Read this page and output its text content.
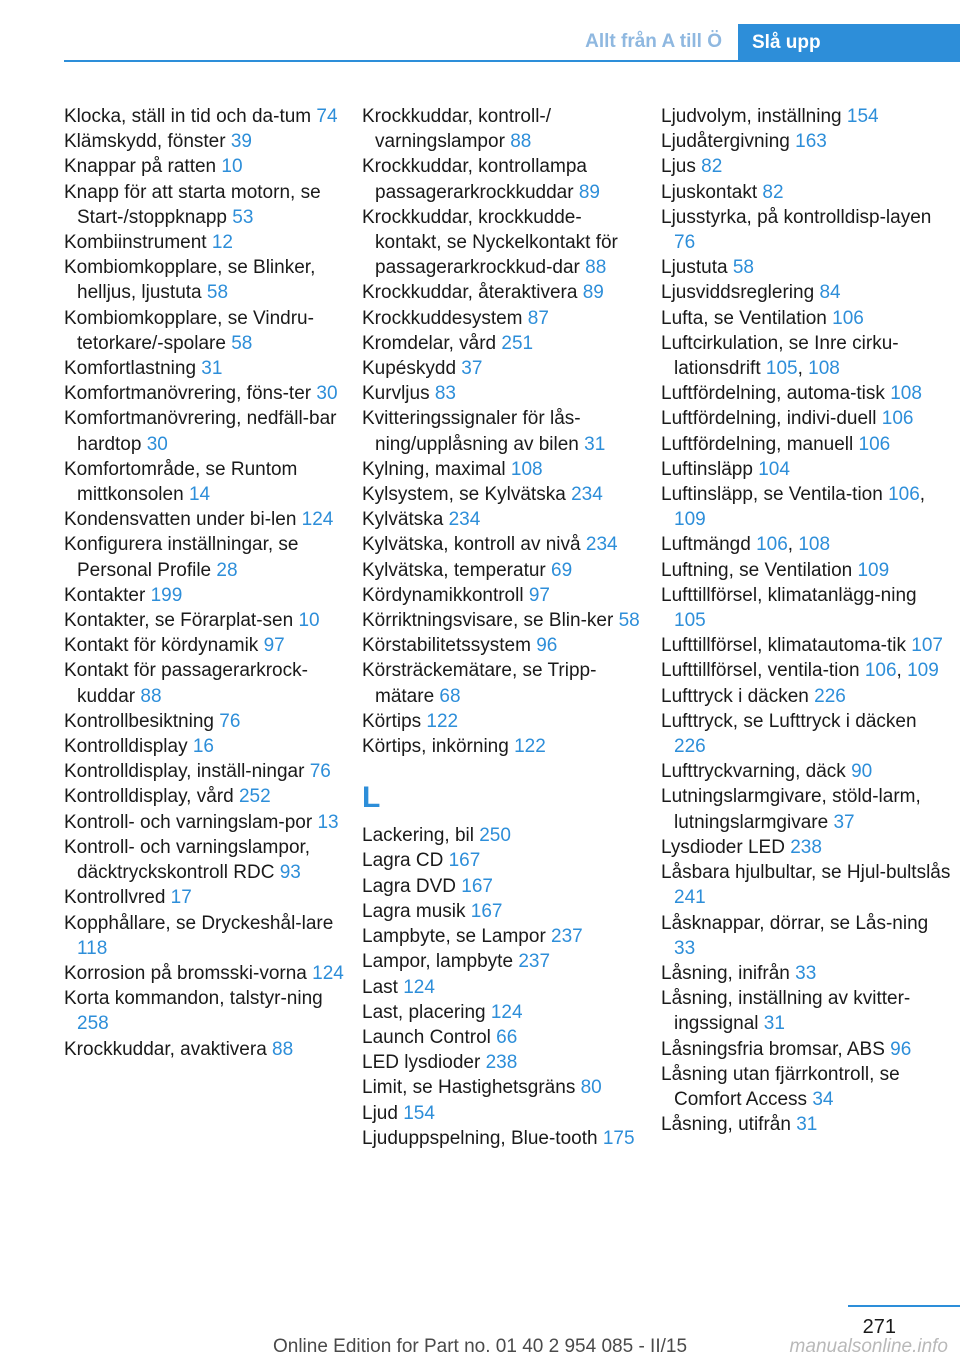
Allt från A till Ö	Slå upp

Klocka, ställ in tid och da-tum 74

Klämskydd, fönster 39

Knappar på ratten 10

Knapp för att starta motorn, se Start-/stoppknapp 53

Kombiinstrument 12

Kombiomkopplare, se Blinker, helljus, ljustuta 58

Kombiomkopplare, se Vindru-tetorkare/-spolare 58

Komfortlastning 31

Komfortmanövrering, föns-ter 30

Komfortmanövrering, nedfäll-bar hardtop 30

Komfortområde, se Runtom mittkonsolen 14

Kondensvatten under bi-len 124

Konfigurera inställningar, se Personal Profile 28

Kontakter 199

Kontakter, se Förarplat-sen 10

Kontakt för kördynamik 97

Kontakt för passagerarkrock-kuddar 88

Kontrollbesiktning 76

Kontrolldisplay 16

Kontrolldisplay, inställ-ningar 76

Kontrolldisplay, vård 252

Kontroll- och varningslam-por 13

Kontroll- och varningslampor, däcktryckskontroll RDC 93

Kontrollvred 17

Kopphållare, se Dryckeshål-lare 118

Korrosion på bromsski-vorna 124

Korta kommandon, talstyr-ning 258

Krockkuddar, avaktivera 88

Krockkuddar, kontroll-/ varningslampor 88

Krockkuddar, kontrollampa passagerarkrockkuddar 89

Krockkuddar, krockkudde-kontakt, se Nyckelkontakt för passagerarkrockkud-dar 88

Krockkuddar, återaktivera 89

Krockkuddesystem 87

Kromdelar, vård 251

Kupéskydd 37

Kurvljus 83

Kvitteringssignaler för lås-ning/upplåsning av bilen 31

Kylning, maximal 108

Kylsystem, se Kylvätska 234

Kylvätska 234

Kylvätska, kontroll av nivå 234

Kylvätska, temperatur 69

Kördynamikkontroll 97

Körriktningsvisare, se Blin-ker 58

Körstabilitetssystem 96

Körsträckemätare, se Tripp-mätare 68

Körtips 122

Körtips, inkörning 122

L

Lackering, bil 250

Lagra CD 167

Lagra DVD 167

Lagra musik 167

Lampbyte, se Lampor 237

Lampor, lampbyte 237

Last 124

Last, placering 124

Launch Control 66

LED lysdioder 238

Limit, se Hastighetsgräns 80

Ljud 154

Ljuduppspelning, Blue-tooth 175

Ljudvolym, inställning 154

Ljudåtergivning 163

Ljus 82

Ljuskontakt 82

Ljusstyrka, på kontrolldisp-layen 76

Ljustuta 58

Ljusviddsreglering 84

Lufta, se Ventilation 106

Luftcirkulation, se Inre cirku-lationsdrift 105, 108

Luftfördelning, automa-tisk 108

Luftfördelning, indivi-duell 106

Luftfördelning, manuell 106

Luftinsläpp 104

Luftinsläpp, se Ventila-tion 106, 109

Luftmängd 106, 108

Luftning, se Ventilation 109

Lufttillförsel, klimatanlägg-ning 105

Lufttillförsel, klimatautoma-tik 107

Lufttillförsel, ventila-tion 106, 109

Lufttryck i däcken 226

Lufttryck, se Lufttryck i däcken 226

Lufttryckvarning, däck 90

Lutningslarmgivare, stöld-larm, lutningslarmgivare 37

Lysdioder LED 238

Låsbara hjulbultar, se Hjul-bultslås 241

Låsknappar, dörrar, se Lås-ning 33

Låsning, inifrån 33

Låsning, inställning av kvitter-ingssignal 31

Låsningsfria bromsar, ABS 96

Låsning utan fjärrkontroll, se Comfort Access 34

Låsning, utifrån 31

271
Online Edition for Part no. 01 40 2 954 085 - II/15	manualsonline.info
